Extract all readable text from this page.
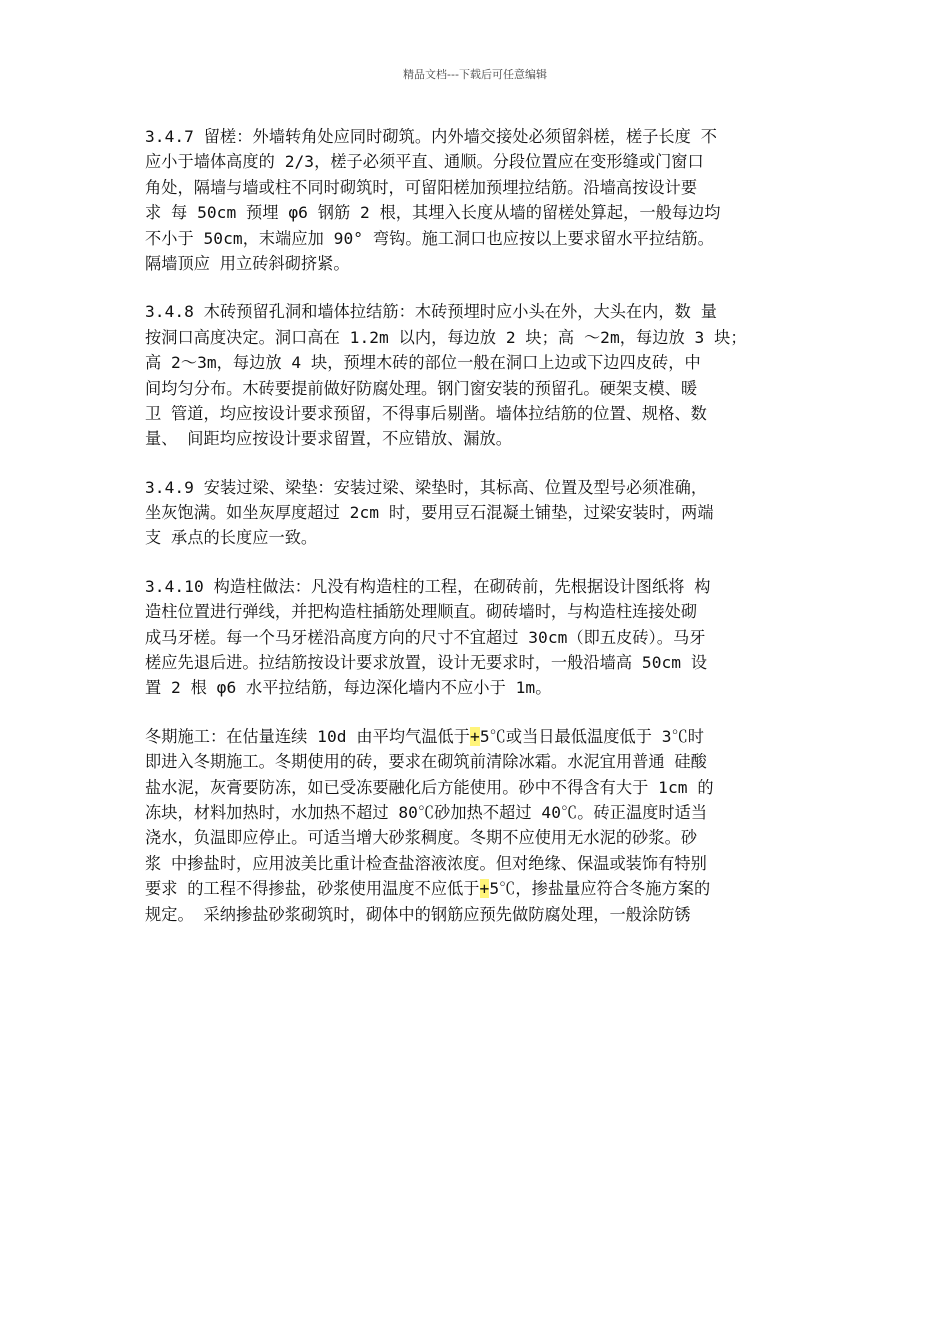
精品文档---下载后可任意编辑
3.4.7 留槎：外墙转角处应同时砌筑。内外墙交接处必须留斜槎，槎子长度 不
应小于墙体高度的 2/3，槎子必须平直、通顺。分段位置应在变形缝或门窗口
角处，隔墙与墙或柱不同时砌筑时，可留阳槎加预埋拉结筋。沿墙高按设计要
求 每 50cm 预埋 φ6 钢筋 2 根，其埋入长度从墙的留槎处算起，一般每边均
不小于 50cm，末端应加 90° 弯钩。施工洞口也应按以上要求留水平拉结筋。
隔墙顶应 用立砖斜砌挤紧。
3.4.8 木砖预留孔洞和墙体拉结筋：木砖预埋时应小头在外，大头在内，数 量
按洞口高度决定。洞口高在 1.2m 以内，每边放 2 块；高 ～2m，每边放 3 块；
高 2～3m，每边放 4 块，预埋木砖的部位一般在洞口上边或下边四皮砖，中
间均匀分布。木砖要提前做好防腐处理。钢门窗安装的预留孔。硬架支模、暖
卫 管道，均应按设计要求预留，不得事后剔凿。墙体拉结筋的位置、规格、数
量、 间距均应按设计要求留置，不应错放、漏放。
3.4.9 安装过梁、梁垫：安装过梁、梁垫时，其标高、位置及型号必须准确，
坐灰饱满。如坐灰厚度超过 2cm 时，要用豆石混凝土铺垫，过梁安装时，两端
支 承点的长度应一致。
3.4.10 构造柱做法：凡没有构造柱的工程，在砌砖前，先根据设计图纸将 构
造柱位置进行弹线，并把构造柱插筋处理顺直。砌砖墙时，与构造柱连接处砌
成马牙槎。每一个马牙槎沿高度方向的尺寸不宜超过 30cm（即五皮砖）。马牙
槎应先退后进。拉结筋按设计要求放置，设计无要求时，一般沿墙高 50cm 设
置 2 根 φ6 水平拉结筋，每边深化墙内不应小于 1m。
冬期施工：在估量连续 10d 由平均气温低于+5℃或当日最低温度低于 3℃时
即进入冬期施工。冬期使用的砖，要求在砌筑前清除冰霜。水泥宜用普通 硅酸
盐水泥，灰膏要防冻，如已受冻要融化后方能使用。砂中不得含有大于 1cm 的
冻块，材料加热时，水加热不超过 80℃砂加热不超过 40℃。砖正温度时适当
浇水，负温即应停止。可适当增大砂浆稠度。冬期不应使用无水泥的砂浆。砂
浆 中掺盐时，应用波美比重计检查盐溶液浓度。但对绝缘、保温或装饰有特别
要求 的工程不得掺盐，砂浆使用温度不应低于+5℃，掺盐量应符合冬施方案的
规定。 采纳掺盐砂浆砌筑时，砌体中的钢筋应预先做防腐处理，一般涂防锈
